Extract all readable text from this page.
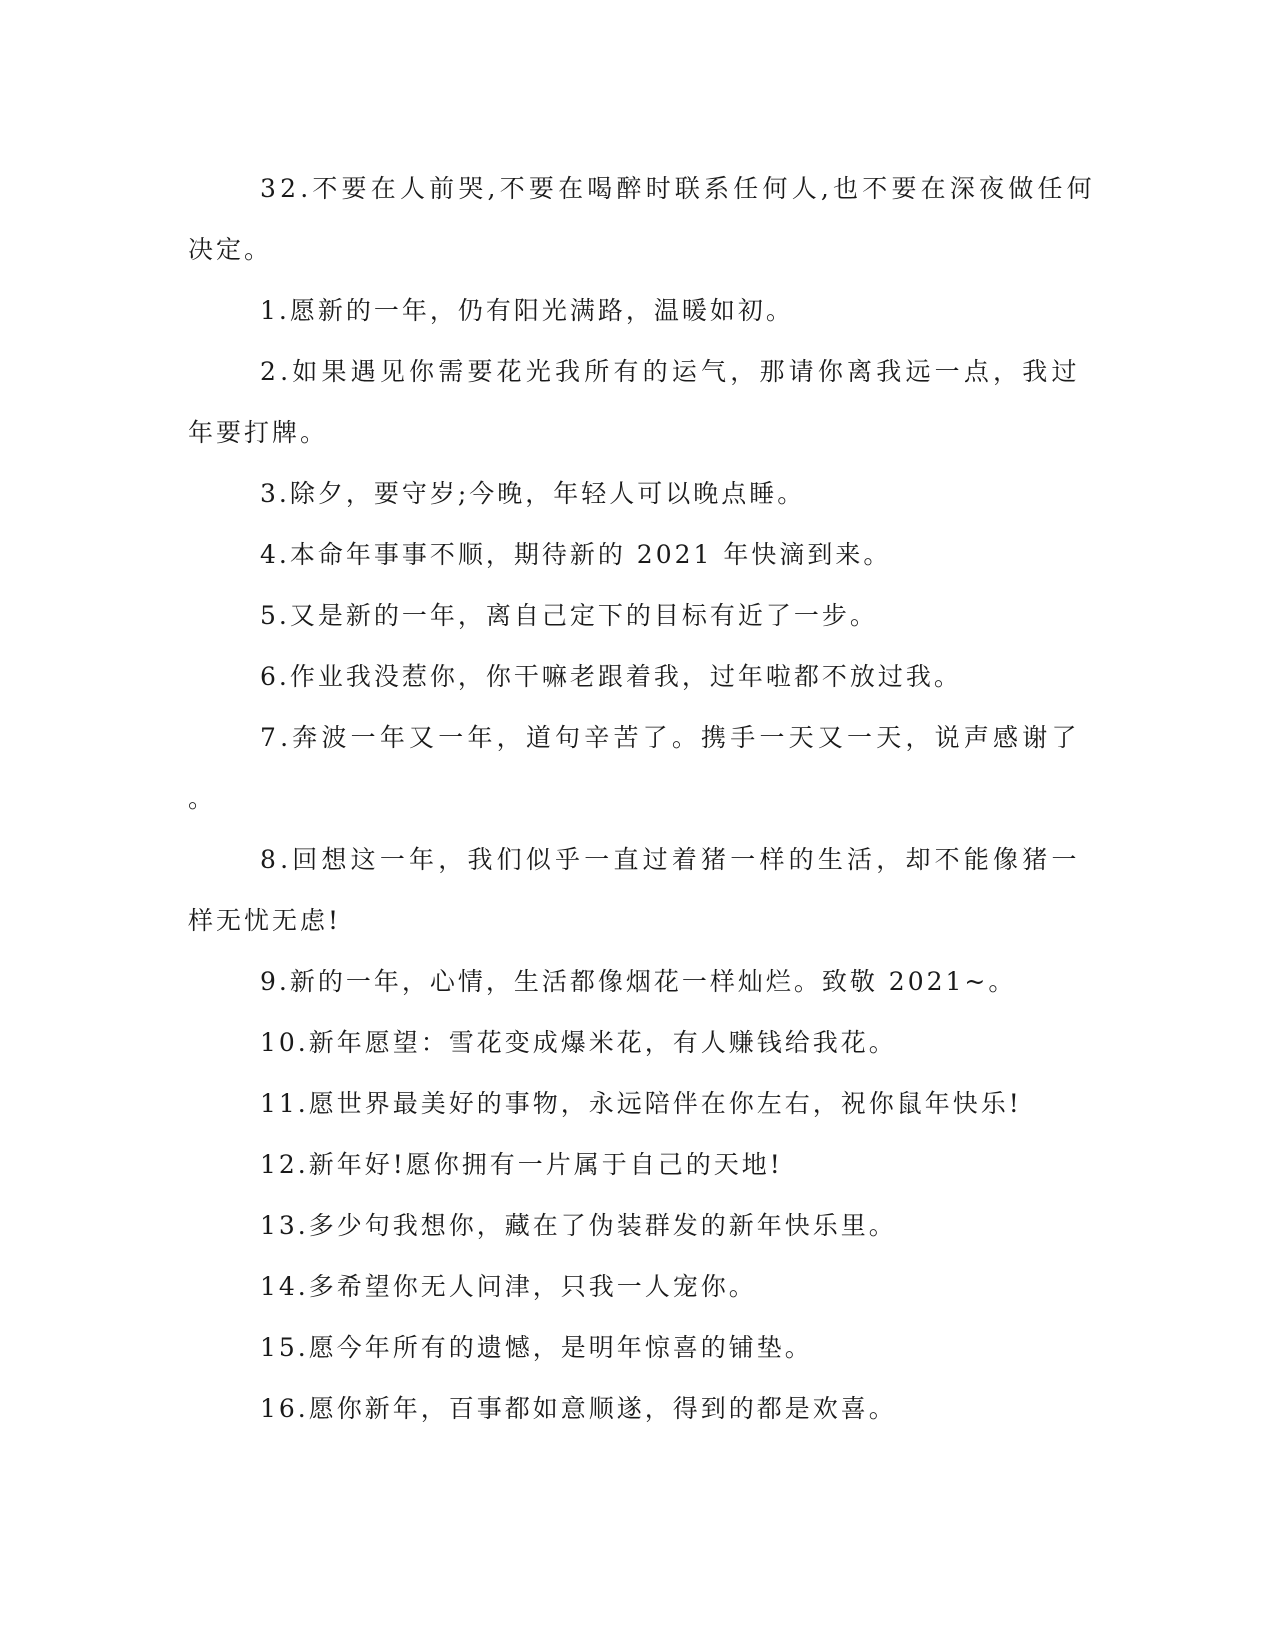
32.不要在人前哭,不要在喝醉时联系任何人,也不要在深夜做任何
决定。
1.愿新的一年，仍有阳光满路，温暖如初。
2.如果遇见你需要花光我所有的运气，那请你离我远一点，我过
年要打牌。
3.除夕，要守岁;今晚，年轻人可以晚点睡。
4.本命年事事不顺，期待新的 2021 年快滴到来。
5.又是新的一年，离自己定下的目标有近了一步。
6.作业我没惹你，你干嘛老跟着我，过年啦都不放过我。
7.奔波一年又一年，道句辛苦了。携手一天又一天，说声感谢了
。
8.回想这一年，我们似乎一直过着猪一样的生活，却不能像猪一
样无忧无虑!
9.新的一年，心情，生活都像烟花一样灿烂。致敬 2021~。
10.新年愿望：雪花变成爆米花，有人赚钱给我花。
11.愿世界最美好的事物，永远陪伴在你左右，祝你鼠年快乐!
12.新年好!愿你拥有一片属于自己的天地!
13.多少句我想你，藏在了伪装群发的新年快乐里。
14.多希望你无人问津，只我一人宠你。
15.愿今年所有的遗憾，是明年惊喜的铺垫。
16.愿你新年，百事都如意顺遂，得到的都是欢喜。
